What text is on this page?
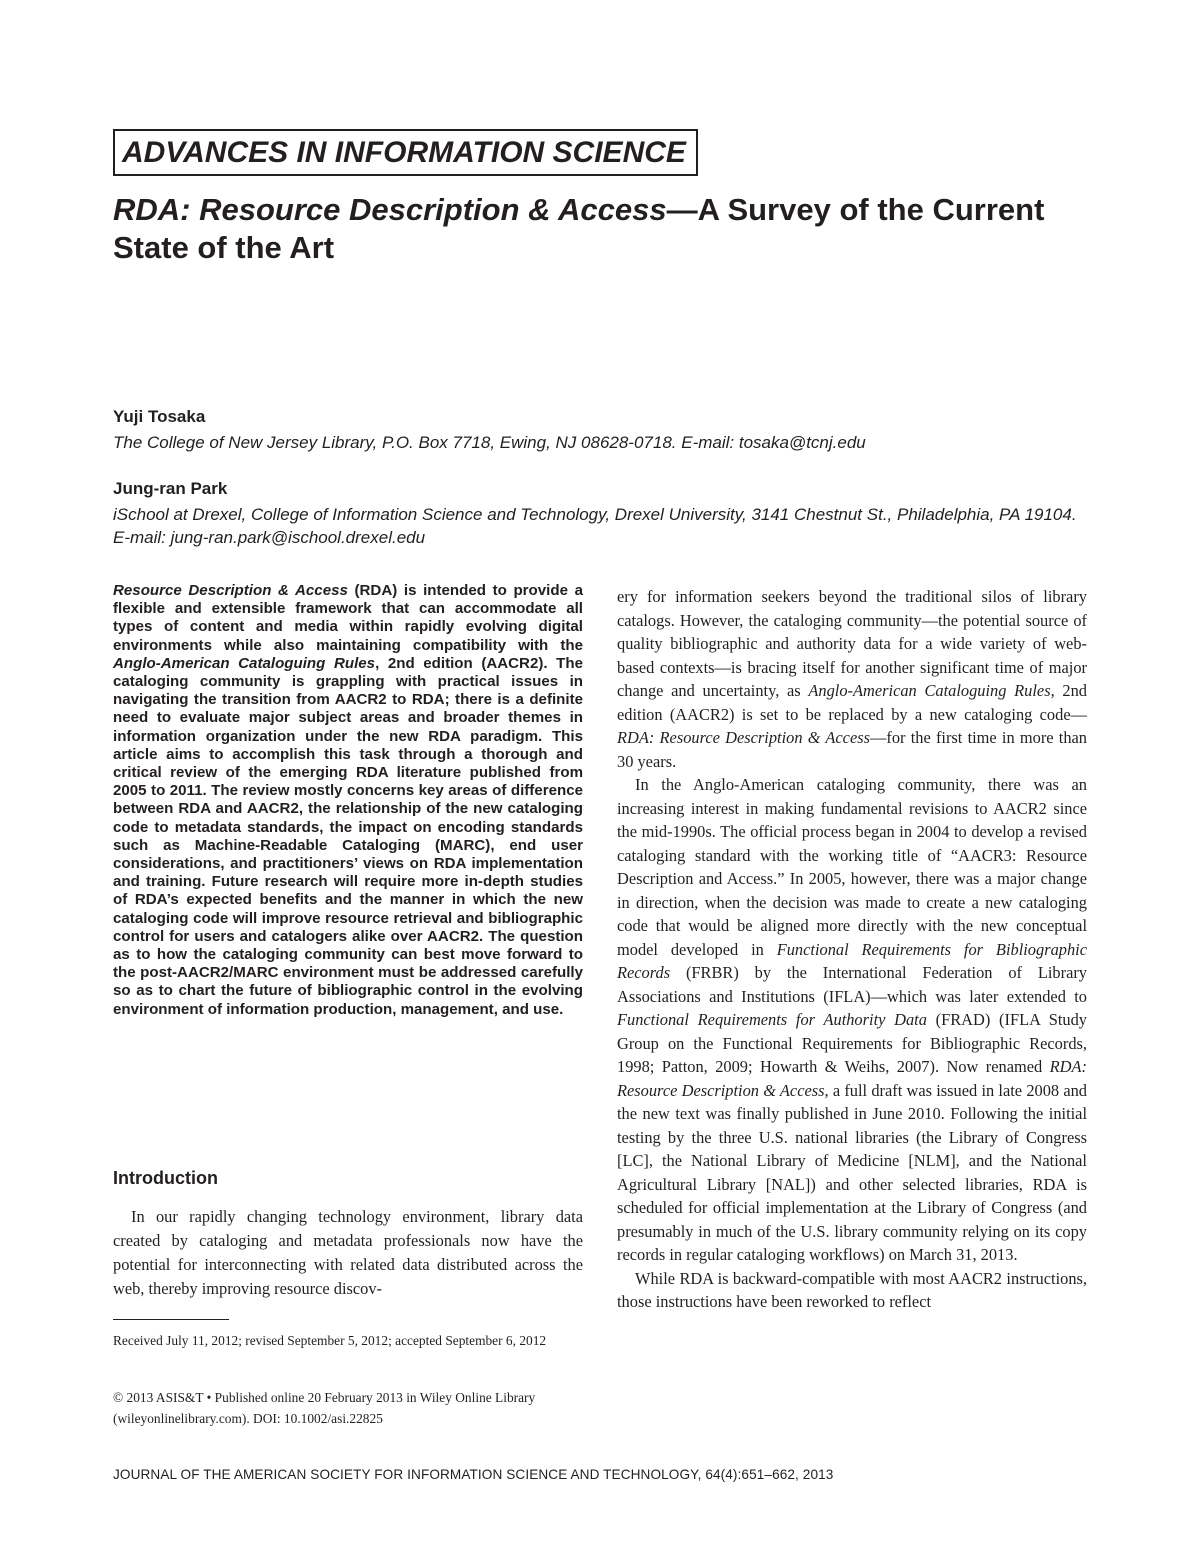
ADVANCES IN INFORMATION SCIENCE
RDA: Resource Description & Access—A Survey of the Current State of the Art
Yuji Tosaka
The College of New Jersey Library, P.O. Box 7718, Ewing, NJ 08628-0718. E-mail: tosaka@tcnj.edu
Jung-ran Park
iSchool at Drexel, College of Information Science and Technology, Drexel University, 3141 Chestnut St., Philadelphia, PA 19104. E-mail: jung-ran.park@ischool.drexel.edu

Resource Description & Access (RDA) is intended to provide a flexible and extensible framework that can accommodate all types of content and media within rapidly evolving digital environments while also maintaining compatibility with the Anglo-American Cataloguing Rules, 2nd edition (AACR2). The cataloging community is grappling with practical issues in navigating the transition from AACR2 to RDA; there is a definite need to evaluate major subject areas and broader themes in information organization under the new RDA paradigm. This article aims to accomplish this task through a thorough and critical review of the emerging RDA literature published from 2005 to 2011. The review mostly concerns key areas of difference between RDA and AACR2, the relationship of the new cataloging code to metadata standards, the impact on encoding standards such as Machine-Readable Cataloging (MARC), end user considerations, and practitioners’ views on RDA implementation and training. Future research will require more in-depth studies of RDA’s expected benefits and the manner in which the new cataloging code will improve resource retrieval and bibliographic control for users and catalogers alike over AACR2. The question as to how the cataloging community can best move forward to the post-AACR2/MARC environment must be addressed carefully so as to chart the future of bibliographic control in the evolving environment of information production, management, and use.

Introduction

In our rapidly changing technology environment, library data created by cataloging and metadata professionals now have the potential for interconnecting with related data distributed across the web, thereby improving resource discov-

Received July 11, 2012; revised September 5, 2012; accepted September 6, 2012

© 2013 ASIS&T • Published online 20 February 2013 in Wiley Online Library (wileyonlinelibrary.com). DOI: 10.1002/asi.22825

ery for information seekers beyond the traditional silos of library catalogs. However, the cataloging community—the potential source of quality bibliographic and authority data for a wide variety of web-based contexts—is bracing itself for another significant time of major change and uncertainty, as Anglo-American Cataloguing Rules, 2nd edition (AACR2) is set to be replaced by a new cataloging code—RDA: Resource Description & Access—for the first time in more than 30 years.

In the Anglo-American cataloging community, there was an increasing interest in making fundamental revisions to AACR2 since the mid-1990s. The official process began in 2004 to develop a revised cataloging standard with the working title of “AACR3: Resource Description and Access.” In 2005, however, there was a major change in direction, when the decision was made to create a new cataloging code that would be aligned more directly with the new conceptual model developed in Functional Requirements for Bibliographic Records (FRBR) by the International Federation of Library Associations and Institutions (IFLA)—which was later extended to Functional Requirements for Authority Data (FRAD) (IFLA Study Group on the Functional Requirements for Bibliographic Records, 1998; Patton, 2009; Howarth & Weihs, 2007). Now renamed RDA: Resource Description & Access, a full draft was issued in late 2008 and the new text was finally published in June 2010. Following the initial testing by the three U.S. national libraries (the Library of Congress [LC], the National Library of Medicine [NLM], and the National Agricultural Library [NAL]) and other selected libraries, RDA is scheduled for official implementation at the Library of Congress (and presumably in much of the U.S. library community relying on its copy records in regular cataloging workflows) on March 31, 2013.

While RDA is backward-compatible with most AACR2 instructions, those instructions have been reworked to reflect

JOURNAL OF THE AMERICAN SOCIETY FOR INFORMATION SCIENCE AND TECHNOLOGY, 64(4):651–662, 2013
